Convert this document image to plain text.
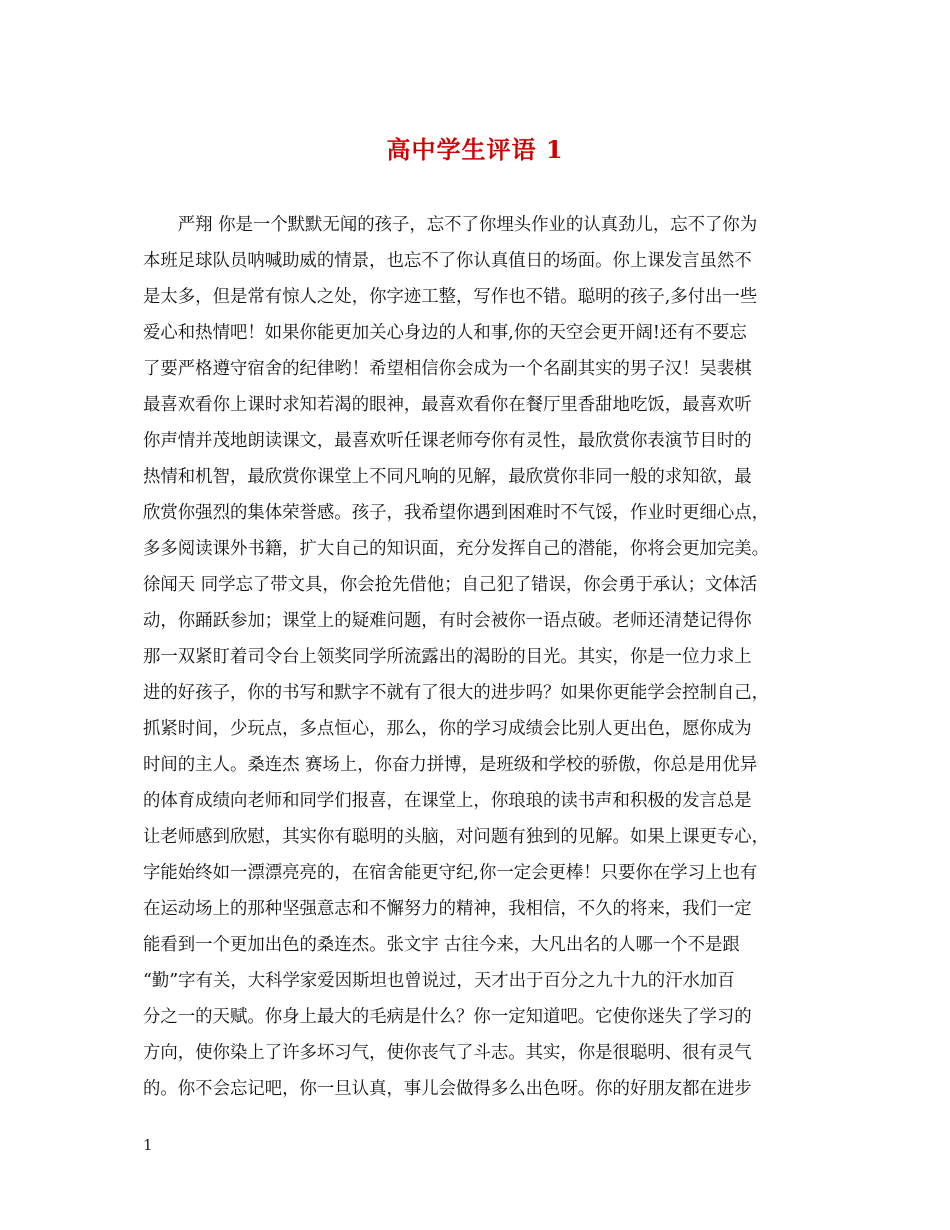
高中学生评语 1
　　严翔 你是一个默默无闻的孩子，忘不了你埋头作业的认真劲儿，忘不了你为
本班足球队员呐喊助威的情景，也忘不了你认真值日的场面。你上课发言虽然不
是太多，但是常有惊人之处，你字迹工整，写作也不错。聪明的孩子,多付出一些
爱心和热情吧！如果你能更加关心身边的人和事,你的天空会更开阔!还有不要忘
了要严格遵守宿舍的纪律哟！希望相信你会成为一个名副其实的男子汉！吴裴棋
最喜欢看你上课时求知若渴的眼神，最喜欢看你在餐厅里香甜地吃饭，最喜欢听
你声情并茂地朗读课文，最喜欢听任课老师夸你有灵性，最欣赏你表演节目时的
热情和机智，最欣赏你课堂上不同凡响的见解，最欣赏你非同一般的求知欲，最
欣赏你强烈的集体荣誉感。孩子，我希望你遇到困难时不气馁，作业时更细心点，
多多阅读课外书籍，扩大自己的知识面，充分发挥自己的潜能，你将会更加完美。
徐闻天 同学忘了带文具，你会抢先借他；自己犯了错误，你会勇于承认；文体活
动，你踊跃参加；课堂上的疑难问题，有时会被你一语点破。老师还清楚记得你
那一双紧盯着司令台上领奖同学所流露出的渴盼的目光。其实，你是一位力求上
进的好孩子，你的书写和默字不就有了很大的进步吗？如果你更能学会控制自己，
抓紧时间，少玩点，多点恒心，那么，你的学习成绩会比别人更出色，愿你成为
时间的主人。桑连杰 赛场上，你奋力拼博，是班级和学校的骄傲，你总是用优异
的体育成绩向老师和同学们报喜，在课堂上，你琅琅的读书声和积极的发言总是
让老师感到欣慰，其实你有聪明的头脑，对问题有独到的见解。如果上课更专心，
字能始终如一漂漂亮亮的，在宿舍能更守纪,你一定会更棒！只要你在学习上也有
在运动场上的那种坚强意志和不懈努力的精神，我相信，不久的将来，我们一定
能看到一个更加出色的桑连杰。张文宇 古往今来，大凡出名的人哪一个不是跟
“勤”字有关，大科学家爱因斯坦也曾说过，天才出于百分之九十九的汗水加百
分之一的天赋。你身上最大的毛病是什么？你一定知道吧。它使你迷失了学习的
方向，使你染上了许多坏习气，使你丧气了斗志。其实，你是很聪明、很有灵气
的。你不会忘记吧，你一旦认真，事儿会做得多么出色呀。你的好朋友都在进步
1
